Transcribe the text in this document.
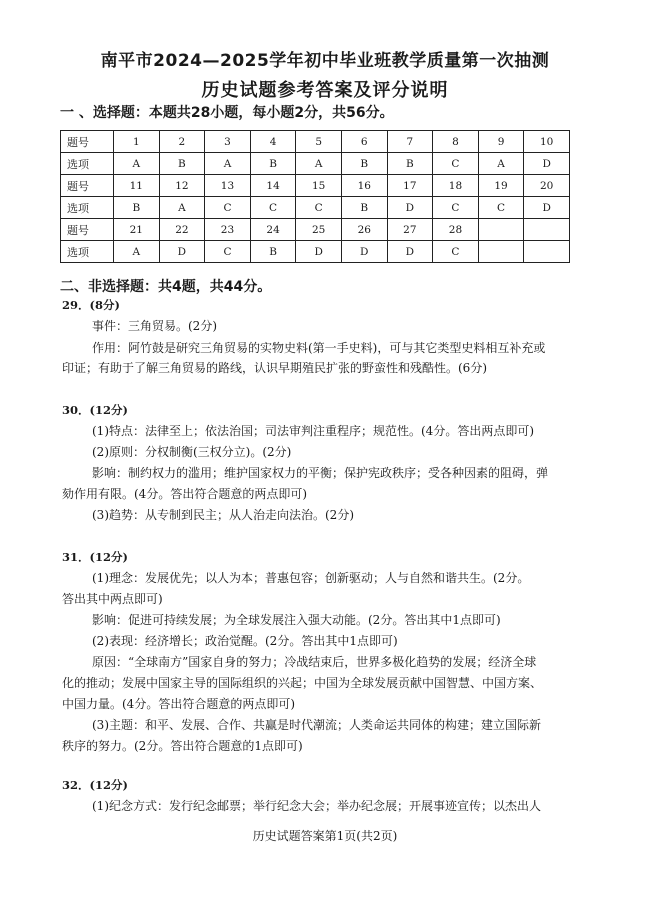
南平市2024—2025学年初中毕业班教学质量第一次抽测
历史试题参考答案及评分说明
一 、选择题：本题共28小题，每小题2分，共56分。
题号	1	2	3	4	5	6	7	8	9	10
选项	A	B	A	B	A	B	B	C	A	D
题号	11	12	13	14	15	16	17	18	19	20
选项	B	A	C	C	C	B	D	C	C	D
题号	21	22	23	24	25	26	27	28		
选项	A	D	C	B	D	D	D	C		
二、非选择题：共4题，共44分。
29．(8分)
事件：三角贸易。(2分)
作用：阿竹鼓是研究三角贸易的实物史料(第一手史料)，可与其它类型史料相互补充或
印证；有助于了解三角贸易的路线，认识早期殖民扩张的野蛮性和残酷性。(6分)
30．(12分)
(1)特点：法律至上；依法治国；司法审判注重程序；规范性。(4分。答出两点即可)
(2)原则：分权制衡(三权分立)。(2分)
影响：制约权力的滥用；维护国家权力的平衡；保护宪政秩序；受各种因素的阻碍，弹
劾作用有限。(4分。答出符合题意的两点即可)
(3)趋势：从专制到民主；从人治走向法治。(2分)
31．(12分)
(1)理念：发展优先；以人为本；普惠包容；创新驱动；人与自然和谐共生。(2分。
答出其中两点即可)
影响：促进可持续发展；为全球发展注入强大动能。(2分。答出其中1点即可)
(2)表现：经济增长；政治觉醒。(2分。答出其中1点即可)
原因：“全球南方”国家自身的努力；冷战结束后，世界多极化趋势的发展；经济全球
化的推动；发展中国家主导的国际组织的兴起；中国为全球发展贡献中国智慧、中国方案、
中国力量。(4分。答出符合题意的两点即可)
(3)主题：和平、发展、合作、共赢是时代潮流；人类命运共同体的构建；建立国际新
秩序的努力。(2分。答出符合题意的1点即可)
32．(12分)
(1)纪念方式：发行纪念邮票；举行纪念大会；举办纪念展；开展事迹宣传；以杰出人
历史试题答案第1页(共2页)
